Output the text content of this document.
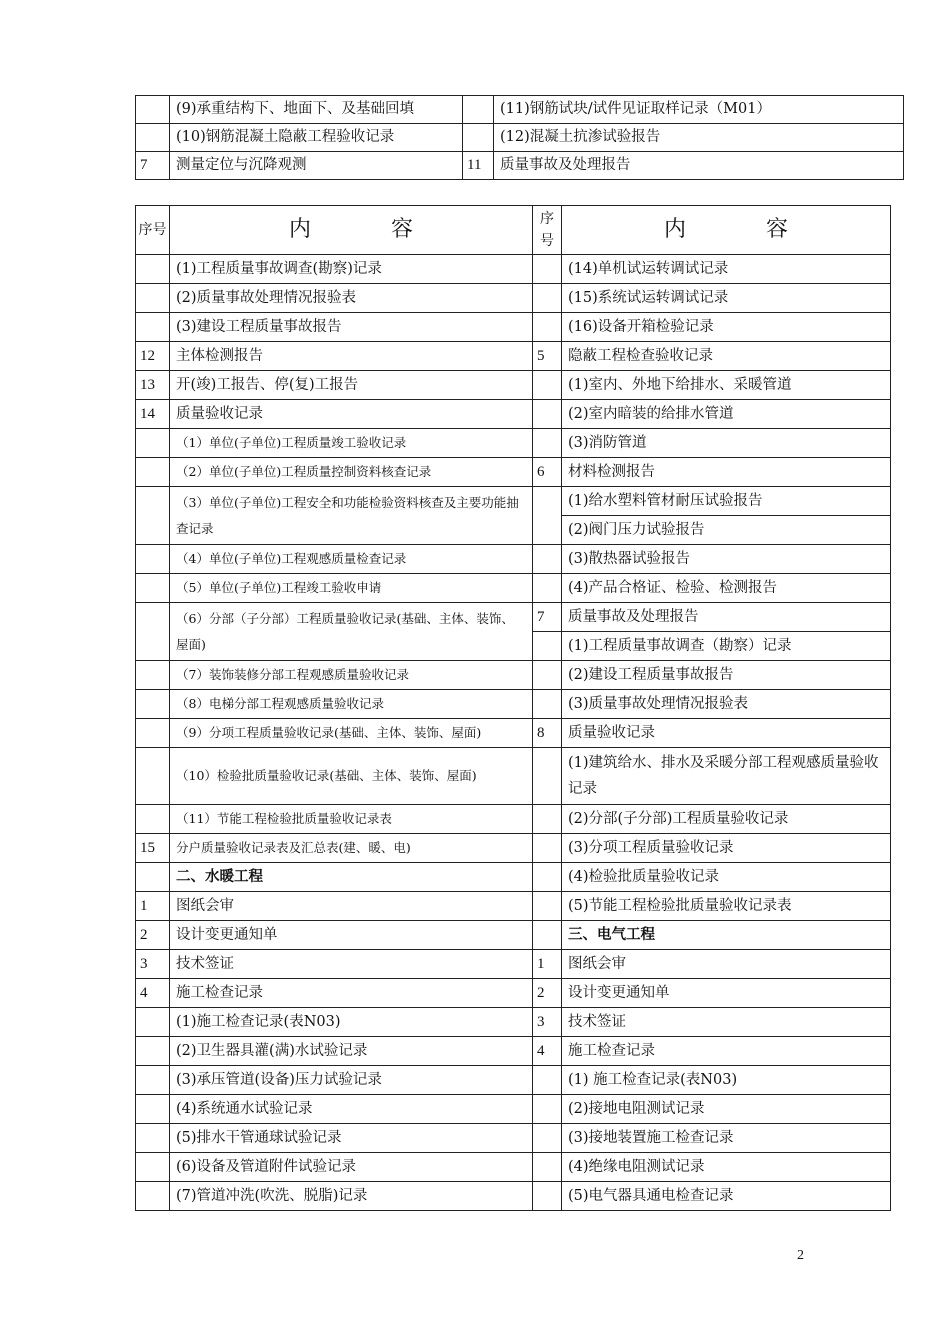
	(9)承重结构下、地面下、及基础回填		(11)钢筋试块/试件见证取样记录（M01）
	(10)钢筋混凝土隐蔽工程验收记录		(12)混凝土抗渗试验报告
7	测量定位与沉降观测	11	质量事故及处理报告
序号	内 容	序号	内 容
	(1)工程质量事故调查(勘察)记录		(14)单机试运转调试记录
	(2)质量事故处理情况报验表		(15)系统试运转调试记录
	(3)建设工程质量事故报告		(16)设备开箱检验记录
12	主体检测报告	5	隐蔽工程检查验收记录
13	开(竣)工报告、停(复)工报告		(1)室内、外地下给排水、采暖管道
14	质量验收记录		(2)室内暗装的给排水管道
	（1）单位(子单位)工程质量竣工验收记录		(3)消防管道
	（2）单位(子单位)工程质量控制资料核查记录	6	材料检测报告
	（3）单位(子单位)工程安全和功能检验资料核查及主要功能抽查记录		(1)给水塑料管材耐压试验报告
			(2)阀门压力试验报告
	（4）单位(子单位)工程观感质量检查记录		(3)散热器试验报告
	（5）单位(子单位)工程竣工验收申请		(4)产品合格证、检验、检测报告
	（6）分部（子分部）工程质量验收记录(基础、主体、装饰、屋面)	7	质量事故及处理报告
			(1)工程质量事故调查（勘察）记录
	（7）装饰装修分部工程观感质量验收记录		(2)建设工程质量事故报告
	（8）电梯分部工程观感质量验收记录		(3)质量事故处理情况报验表
	（9）分项工程质量验收记录(基础、主体、装饰、屋面)	8	质量验收记录
	（10）检验批质量验收记录(基础、主体、装饰、屋面)		(1)建筑给水、排水及采暖分部工程观感质量验收记录
	（11）节能工程检验批质量验收记录表		(2)分部(子分部)工程质量验收记录
15	分户质量验收记录表及汇总表(建、暖、电)		(3)分项工程质量验收记录
	二、水暖工程		(4)检验批质量验收记录
1	图纸会审		(5)节能工程检验批质量验收记录表
2	设计变更通知单		三、电气工程
3	技术签证	1	图纸会审
4	施工检查记录	2	设计变更通知单
	(1)施工检查记录(表N03)	3	技术签证
	(2)卫生器具灌(满)水试验记录	4	施工检查记录
	(3)承压管道(设备)压力试验记录		(1) 施工检查记录(表N03)
	(4)系统通水试验记录		(2)接地电阻测试记录
	(5)排水干管通球试验记录		(3)接地装置施工检查记录
	(6)设备及管道附件试验记录		(4)绝缘电阻测试记录
	(7)管道冲洗(吹洗、脱脂)记录		(5)电气器具通电检查记录
2
